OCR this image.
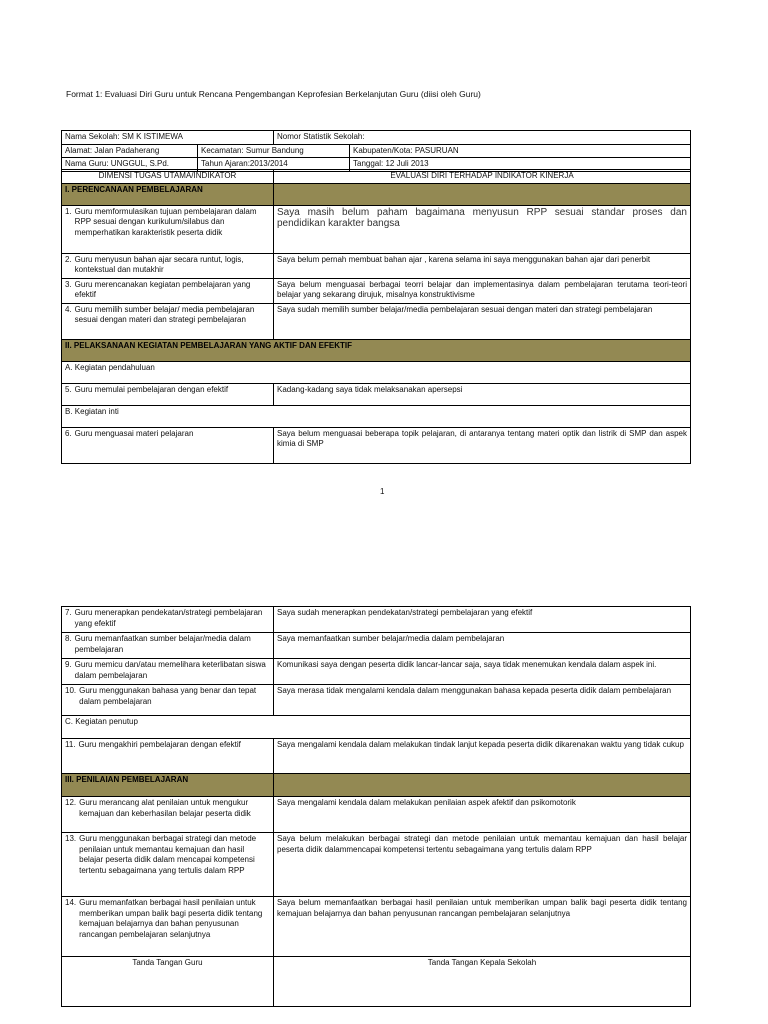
Format 1: Evaluasi Diri Guru untuk Rencana Pengembangan Keprofesian Berkelanjutan Guru (diisi oleh Guru)
Nama Sekolah: SM K ISTIMEWA		Nomor Statistik Sekolah:	
Alamat: Jalan Padaherang	Kecamatan: Sumur Bandung		Kabupaten/Kota: PASURUAN
Nama Guru: UNGGUL, S.Pd.	Tahun Ajaran:2013/2014		Tanggal: 12 Juli 2013
DIMENSI TUGAS UTAMA/INDIKATOR	EVALUASI DIRI TERHADAP INDIKATOR KINERJA
I. PERENCANAAN PEMBELAJARAN	

1. Guru memformulasikan tujuan pembelajaran dalam RPP sesuai dengan kurikulum/silabus dan memperhatikan karakteristik peserta didik	Saya masih belum paham bagaimana menyusun RPP sesuai standar proses dan pendidikan karakter bangsa

2. Guru menyusun bahan ajar secara runtut, logis, kontekstual dan mutakhir	Saya belum pernah membuat bahan ajar , karena selama ini saya menggunakan bahan ajar dari penerbit

3. Guru merencanakan kegiatan pembelajaran yang efektif	Saya belum menguasai berbagai teorri belajar dan implementasinya dalam pembelajaran terutama teori-teori belajar yang sekarang dirujuk, misalnya konstruktivisme

4. Guru memilih sumber belajar/ media pembelajaran sesuai dengan materi dan strategi pembelajaran	Saya sudah memilih sumber belajar/media pembelajaran sesuai dengan materi dan strategi pembelajaran
II. PELAKSANAAN KEGIATAN PEMBELAJARAN YANG AKTIF DAN EFEKTIF	
A. Kegiatan pendahuluan	

5. Guru memulai pembelajaran dengan efektif	Kadang-kadang saya tidak melaksanakan apersepsi
B. Kegiatan inti	

6. Guru menguasai materi pelajaran	Saya belum menguasai beberapa topik pelajaran, di antaranya tentang materi optik dan listrik di SMP dan aspek kimia di SMP
1
7. Guru menerapkan pendekatan/strategi pembelajaran yang efektif	Saya sudah menerapkan pendekatan/strategi pembelajaran yang efektif

8. Guru memanfaatkan sumber belajar/media dalam pembelajaran	Saya memanfaatkan sumber belajar/media dalam pembelajaran

9. Guru memicu dan/atau memelihara keterlibatan siswa dalam pembelajaran	Komunikasi saya dengan peserta didik lancar-lancar saja, saya tidak menemukan kendala dalam aspek ini.

10. Guru menggunakan bahasa yang benar dan tepat dalam pembelajaran	Saya merasa tidak mengalami kendala dalam menggunakan bahasa kepada peserta didik dalam pembelajaran
C. Kegiatan penutup	

11. Guru mengakhiri pembelajaran dengan efektif	Saya mengalami kendala dalam melakukan tindak lanjut kepada peserta didik dikarenakan waktu yang tidak cukup
III. PENILAIAN PEMBELAJARAN	

12. Guru merancang alat penilaian untuk mengukur kemajuan dan keberhasilan belajar peserta didik	Saya mengalami kendala dalam melakukan penilaian aspek afektif dan psikomotorik

13. Guru menggunakan berbagai strategi dan metode penilaian untuk memantau kemajuan dan hasil belajar peserta didik dalam mencapai kompetensi tertentu sebagaimana yang tertulis dalam RPP	Saya belum melakukan berbagai strategi dan metode penilaian untuk memantau kemajuan dan hasil belajar peserta didik dalammencapai kompetensi tertentu sebagaimana yang tertulis dalam RPP

14. Guru memanfatkan berbagai hasil penilaian untuk memberikan umpan balik bagi peserta didik tentang kemajuan belajarnya dan bahan penyusunan rancangan pembelajaran selanjutnya	Saya belum memanfaatkan berbagai hasil penilaian untuk memberikan umpan balik bagi peserta didik tentang kemajuan belajarnya dan bahan penyusunan rancangan pembelajaran selanjutnya
Tanda Tangan Guru	Tanda Tangan Kepala Sekolah
